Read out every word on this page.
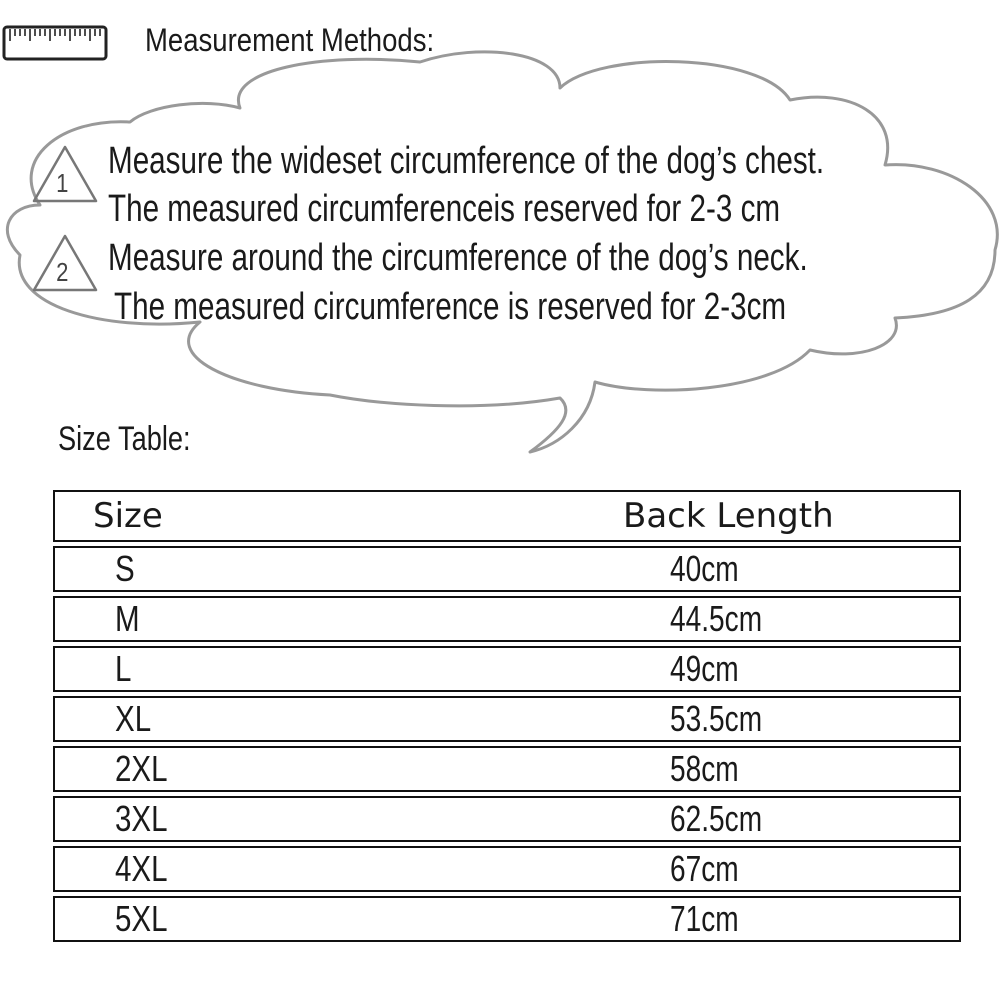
Measurement Methods:
1
Measure the wideset circumference of the dog’s chest.
The measured circumferenceis reserved for 2-3 cm
2 Measure around the circumference of the dog’s neck.
The measured circumference is reserved for 2-3cm
Size Table:
Size	Back Length
S	40cm
M	44.5cm
L	49cm
XL	53.5cm
2XL	58cm
3XL	62.5cm
4XL	67cm
5XL	71cm
